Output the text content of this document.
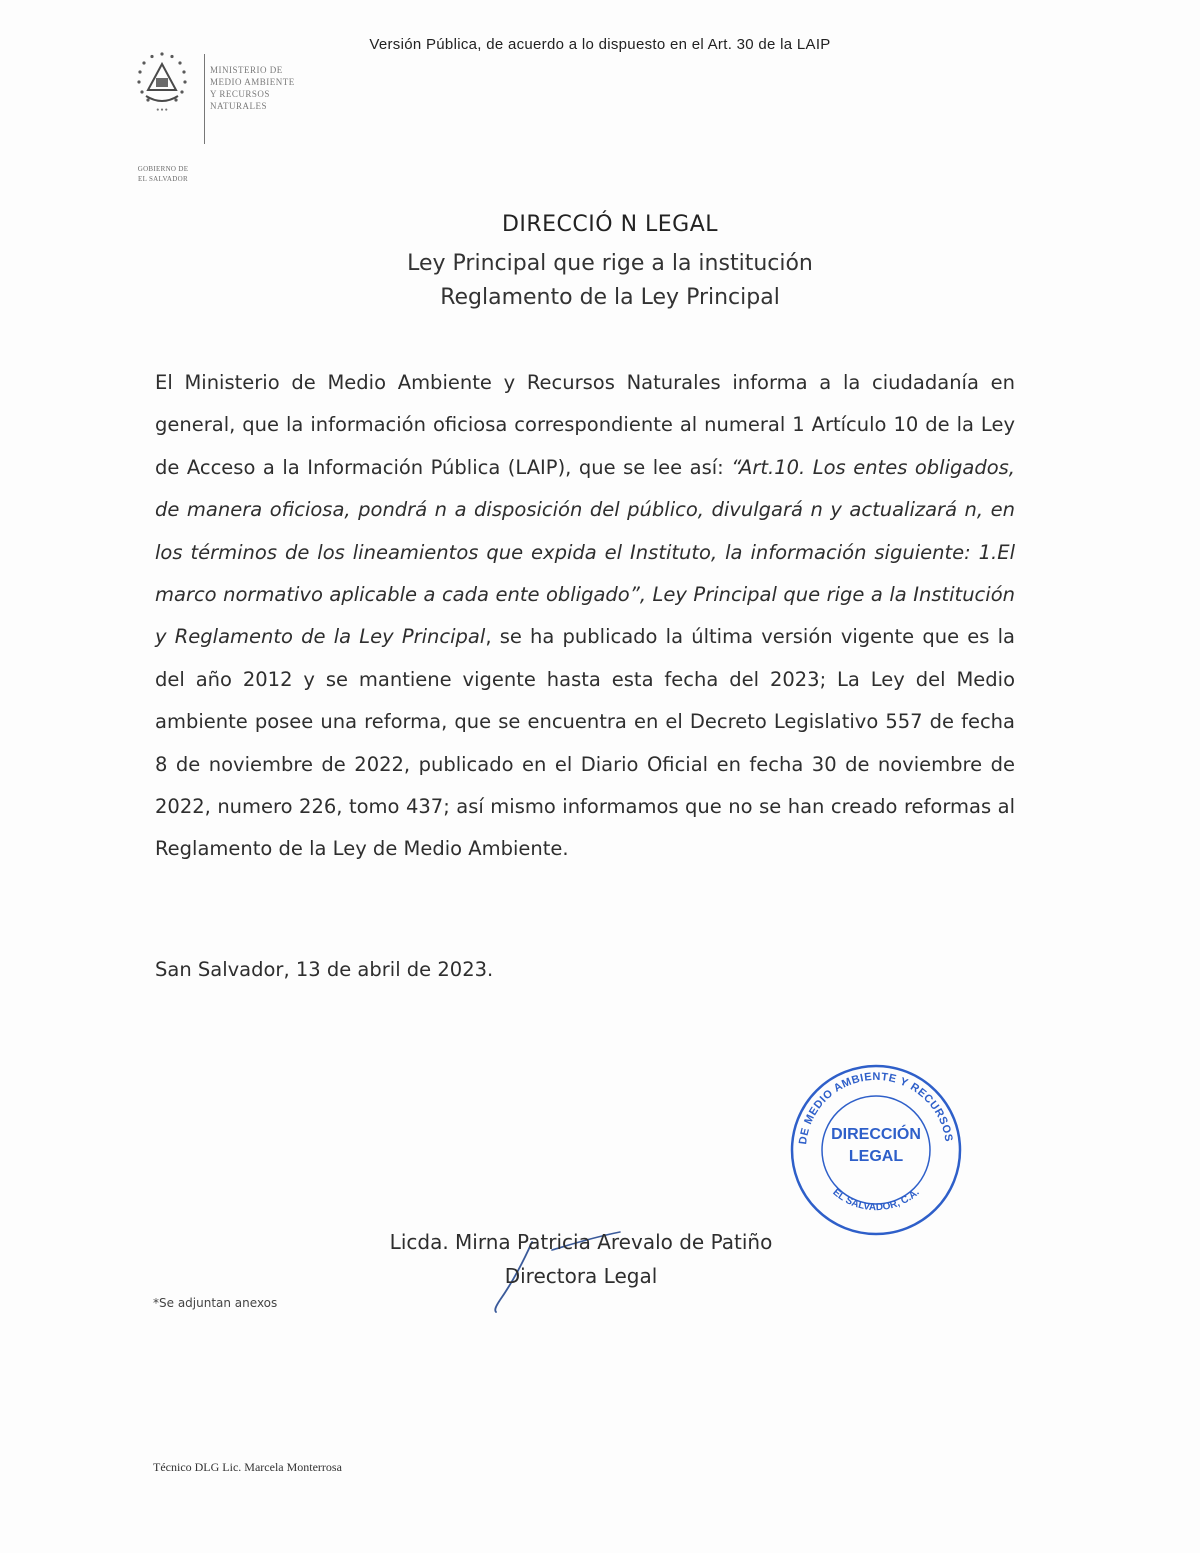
Versión Pública, de acuerdo a lo dispuesto en el Art. 30 de la LAIP
● ● ●
GOBIERNO DE
EL SALVADOR
MINISTERIO DE
MEDIO AMBIENTE
Y RECURSOS
NATURALES
DIRECCIÓ N LEGAL

Ley Principal que rige a la institución

Reglamento de la Ley Principal

El Ministerio de Medio Ambiente y Recursos Naturales informa a la ciudadanía en general, que la información oficiosa correspondiente al numeral 1 Artículo 10 de la Ley de Acceso a la Información Pública (LAIP), que se lee así: “Art.10. Los entes obligados, de manera oficiosa, pondrá n a disposición del público, divulgará n y actualizará n, en los términos de los lineamientos que expida el Instituto, la información siguiente: 1.El marco normativo aplicable a cada ente obligado”, Ley Principal que rige a la Institución y Reglamento de la Ley Principal, se ha publicado la última versión vigente que es la del año 2012 y se mantiene vigente hasta esta fecha del 2023; La Ley del Medio ambiente posee una reforma, que se encuentra en el Decreto Legislativo 557 de fecha 8 de noviembre de 2022, publicado en el Diario Oficial en fecha 30 de noviembre de 2022, numero 226, tomo 437; así mismo informamos que no se han creado reformas al Reglamento de la Ley de Medio Ambiente.

San Salvador, 13 de abril de 2023.
DE MEDIO AMBIENTE Y RECURSOS
EL SALVADOR, C.A.
DIRECCIÓN
LEGAL
Licda. Mirna Patricia Arevalo de Patiño
Directora Legal
*Se adjuntan anexos
Técnico DLG Lic. Marcela Monterrosa
